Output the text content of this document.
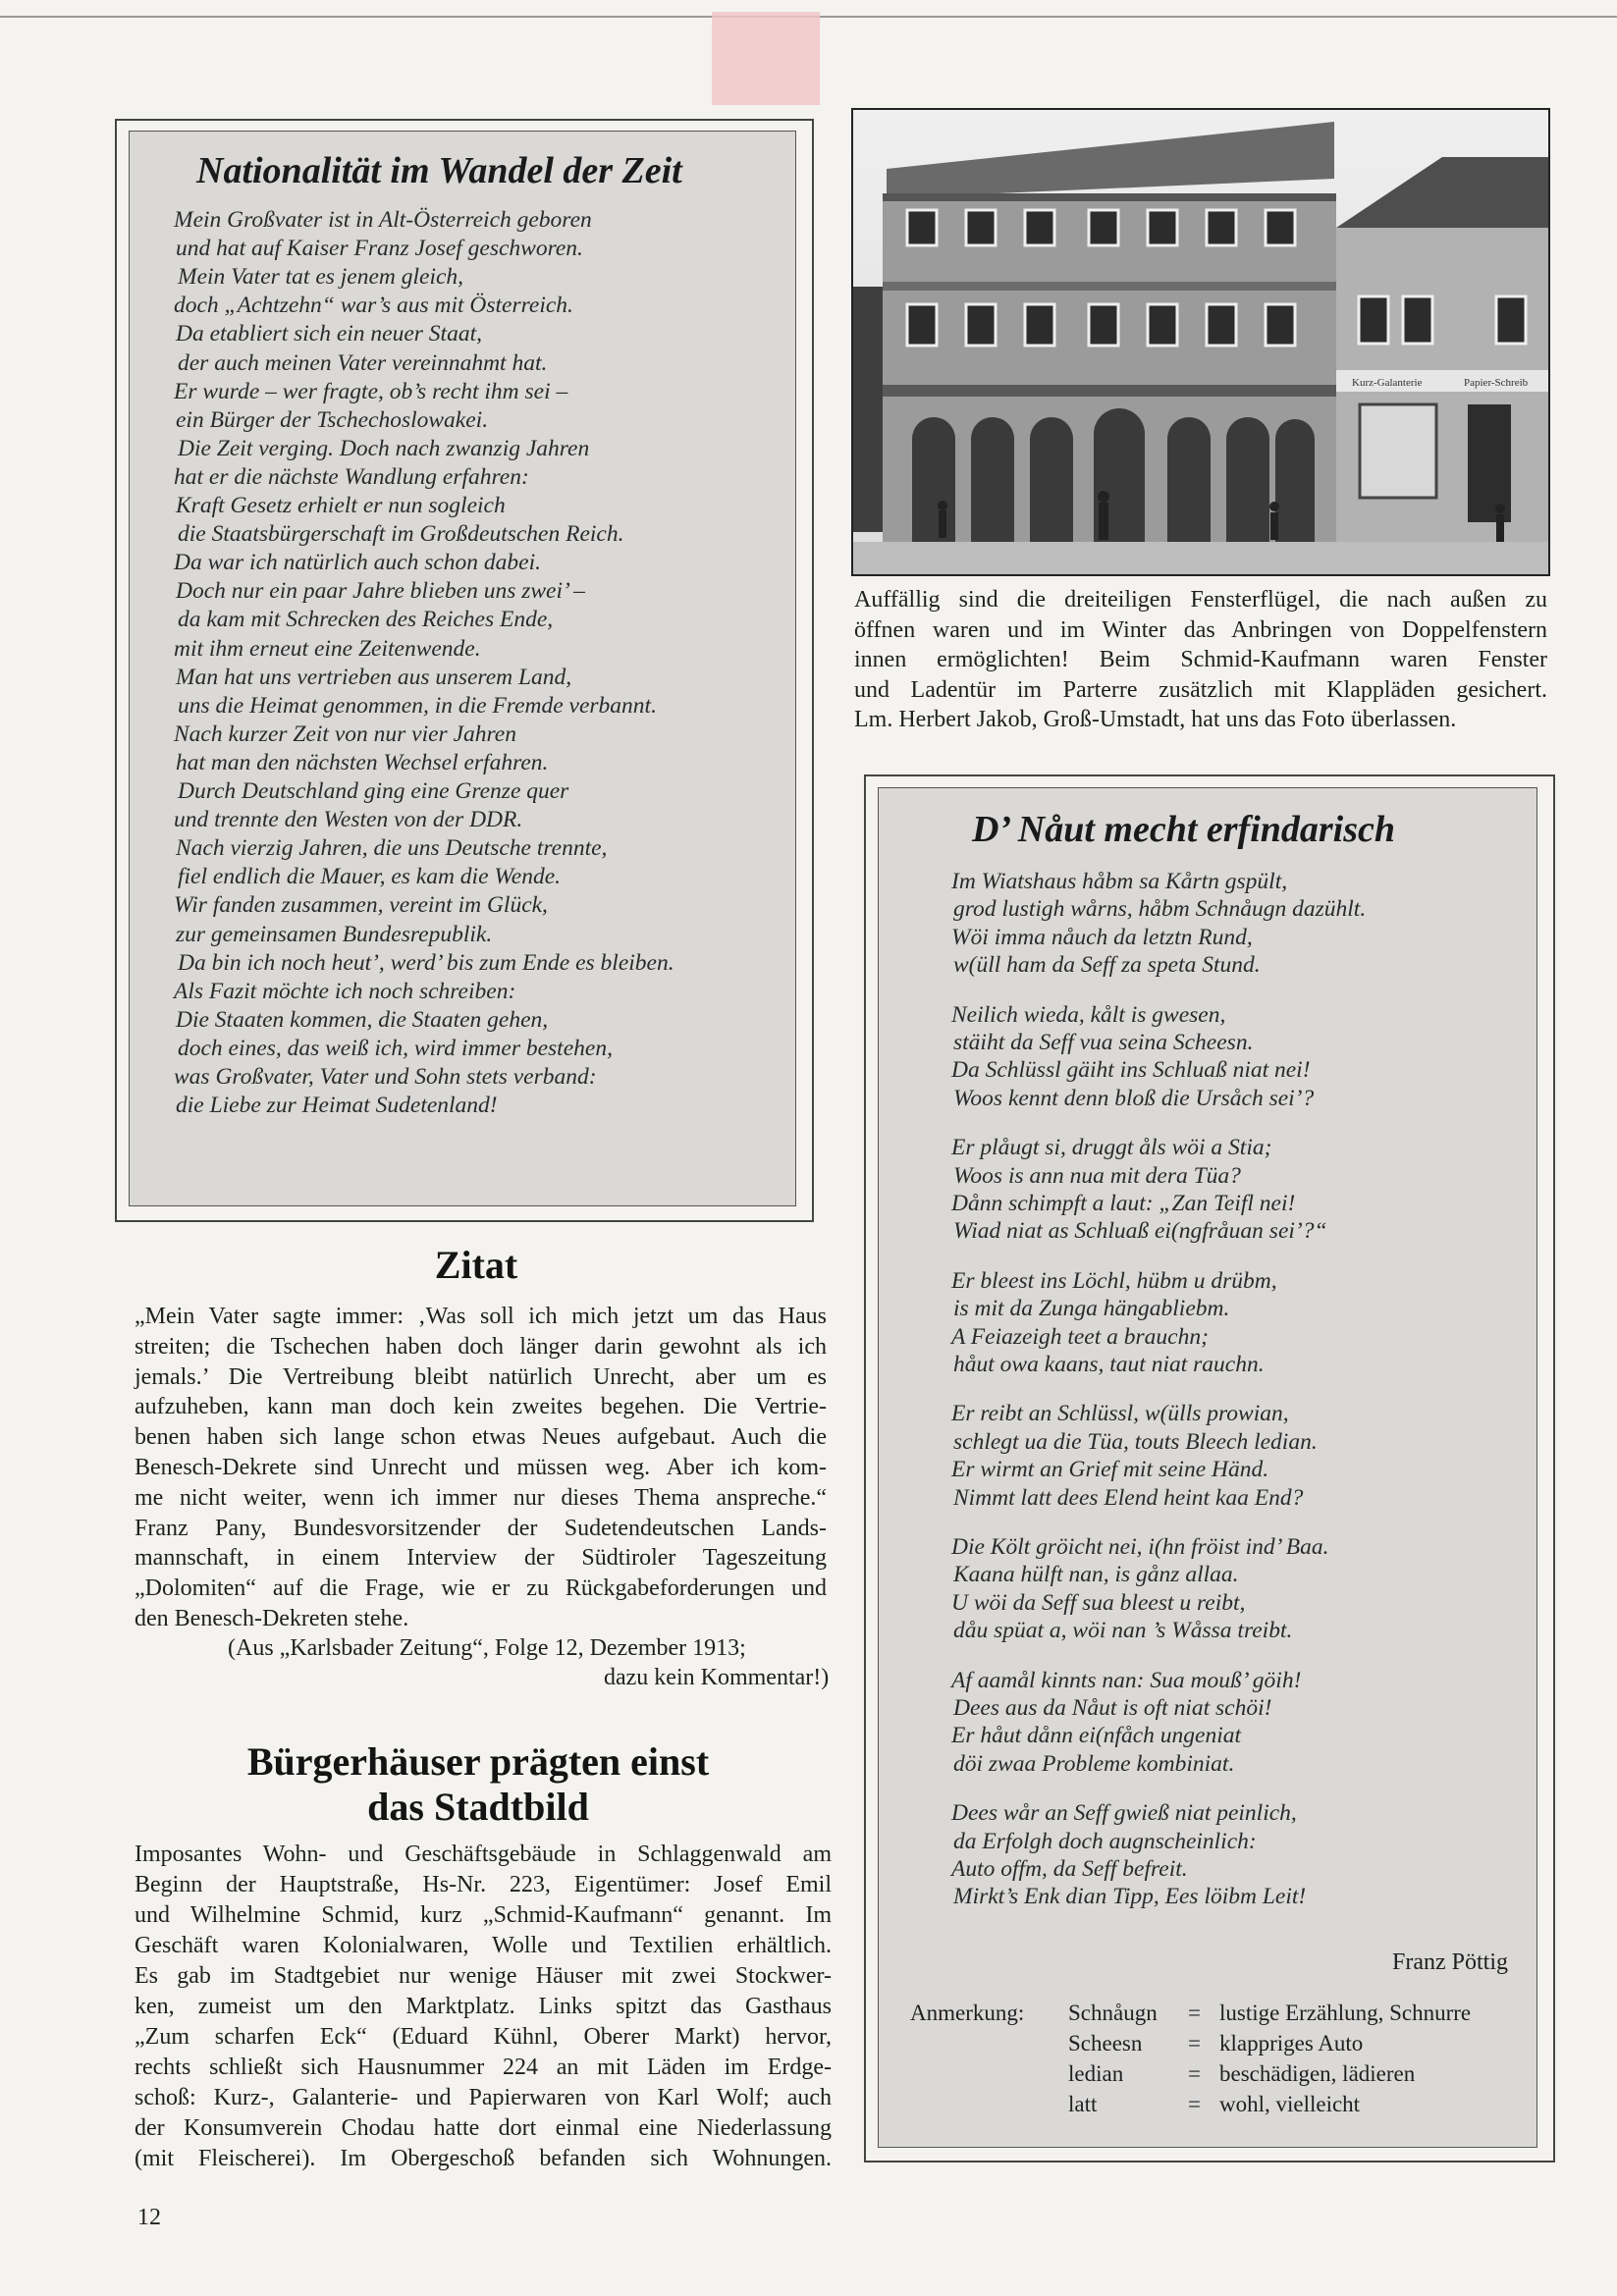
Nationalität im Wandel der Zeit
Mein Großvater ist in Alt-Österreich geboren
und hat auf Kaiser Franz Josef geschworen.
Mein Vater tat es jenem gleich,
doch „Achtzehn“ war’s aus mit Österreich.
Da etabliert sich ein neuer Staat,
der auch meinen Vater vereinnahmt hat.
Er wurde – wer fragte, ob’s recht ihm sei –
ein Bürger der Tschechoslowakei.
Die Zeit verging. Doch nach zwanzig Jahren
hat er die nächste Wandlung erfahren:
Kraft Gesetz erhielt er nun sogleich
die Staatsbürgerschaft im Großdeutschen Reich.
Da war ich natürlich auch schon dabei.
Doch nur ein paar Jahre blieben uns zwei’ –
da kam mit Schrecken des Reiches Ende,
mit ihm erneut eine Zeitenwende.
Man hat uns vertrieben aus unserem Land,
uns die Heimat genommen, in die Fremde verbannt.
Nach kurzer Zeit von nur vier Jahren
hat man den nächsten Wechsel erfahren.
Durch Deutschland ging eine Grenze quer
und trennte den Westen von der DDR.
Nach vierzig Jahren, die uns Deutsche trennte,
fiel endlich die Mauer, es kam die Wende.
Wir fanden zusammen, vereint im Glück,
zur gemeinsamen Bundesrepublik.
Da bin ich noch heut’, werd’ bis zum Ende es bleiben.
Als Fazit möchte ich noch schreiben:
Die Staaten kommen, die Staaten gehen,
doch eines, das weiß ich, wird immer bestehen,
was Großvater, Vater und Sohn stets verband:
die Liebe zur Heimat Sudetenland!
Kurz-Galanterie	Papier-Schreib
Auffällig sind die dreiteiligen Fensterflügel, die nach außen zu
öffnen waren und im Winter das Anbringen von Doppelfenstern
innen ermöglichten! Beim Schmid-Kaufmann waren Fenster
und Ladentür im Parterre zusätzlich mit Klappläden gesichert.
Lm. Herbert Jakob, Groß-Umstadt, hat uns das Foto überlassen.
D’ Nåut mecht erfindarisch
Im Wiatshaus håbm sa Kårtn gspült,
grod lustigh wårns, håbm Schnåugn dazühlt.
Wöi imma nåuch da letztn Rund,
w(üll ham da Seff za speta Stund.
Neilich wieda, kålt is gwesen,
stäiht da Seff vua seina Scheesn.
Da Schlüssl gäiht ins Schluaß niat nei!
Woos kennt denn bloß die Ursåch sei’?
Er plåugt si, druggt åls wöi a Stia;
Woos is ann nua mit dera Tüa?
Dånn schimpft a laut: „Zan Teifl nei!
Wiad niat as Schluaß ei(ngfråuan sei’?“
Er bleest ins Löchl, hübm u drübm,
is mit da Zunga hängabliebm.
A Feiazeigh teet a brauchn;
håut owa kaans, taut niat rauchn.
Er reibt an Schlüssl, w(ülls prowian,
schlegt ua die Tüa, touts Bleech ledian.
Er wirmt an Grief mit seine Händ.
Nimmt latt dees Elend heint kaa End?
Die Költ gröicht nei, i(hn fröist ind’ Baa.
Kaana hülft nan, is gånz allaa.
U wöi da Seff sua bleest u reibt,
dåu spüat a, wöi nan ’s Wåssa treibt.
Af aamål kinnts nan: Sua mouß’ göih!
Dees aus da Nåut is oft niat schöi!
Er håut dånn ei(nfåch ungeniat
döi zwaa Probleme kombiniat.
Dees wår an Seff gwieß niat peinlich,
da Erfolgh doch augnscheinlich:
Auto offm, da Seff befreit.
Mirkt’s Enk dian Tipp, Ees löibm Leit!
Franz Pöttig
Anmerkung: Schnåugn = lustige Erzählung, Schnurre
Scheesn = klappriges Auto
ledian	= beschädigen, lädieren
latt	= wohl, vielleicht
Zitat
„Mein Vater sagte immer: ‚Was soll ich mich jetzt um das Haus
streiten; die Tschechen haben doch länger darin gewohnt als ich
jemals.’ Die Vertreibung bleibt natürlich Unrecht, aber um es
aufzuheben, kann man doch kein zweites begehen. Die Vertrie-
benen haben sich lange schon etwas Neues aufgebaut. Auch die
Benesch-Dekrete sind Unrecht und müssen weg. Aber ich kom-
me nicht weiter, wenn ich immer nur dieses Thema anspreche.“
Franz Pany, Bundesvorsitzender der Sudetendeutschen Lands-
mannschaft, in einem Interview der Südtiroler Tageszeitung
„Dolomiten“ auf die Frage, wie er zu Rückgabeforderungen und
den Benesch-Dekreten stehe.
(Aus „Karlsbader Zeitung“, Folge 12, Dezember 1913;
dazu kein Kommentar!)
Bürgerhäuser prägten einst
das Stadtbild
Imposantes Wohn- und Geschäftsgebäude in Schlaggenwald am
Beginn der Hauptstraße, Hs-Nr. 223, Eigentümer: Josef Emil
und Wilhelmine Schmid, kurz „Schmid-Kaufmann“ genannt. Im
Geschäft waren Kolonialwaren, Wolle und Textilien erhältlich.
Es gab im Stadtgebiet nur wenige Häuser mit zwei Stockwer-
ken, zumeist um den Marktplatz. Links spitzt das Gasthaus
„Zum scharfen Eck“ (Eduard Kühnl, Oberer Markt) hervor,
rechts schließt sich Hausnummer 224 an mit Läden im Erdge-
schoß: Kurz-, Galanterie- und Papierwaren von Karl Wolf; auch
der Konsumverein Chodau hatte dort einmal eine Niederlassung
(mit Fleischerei). Im Obergeschoß befanden sich Wohnungen.
12
